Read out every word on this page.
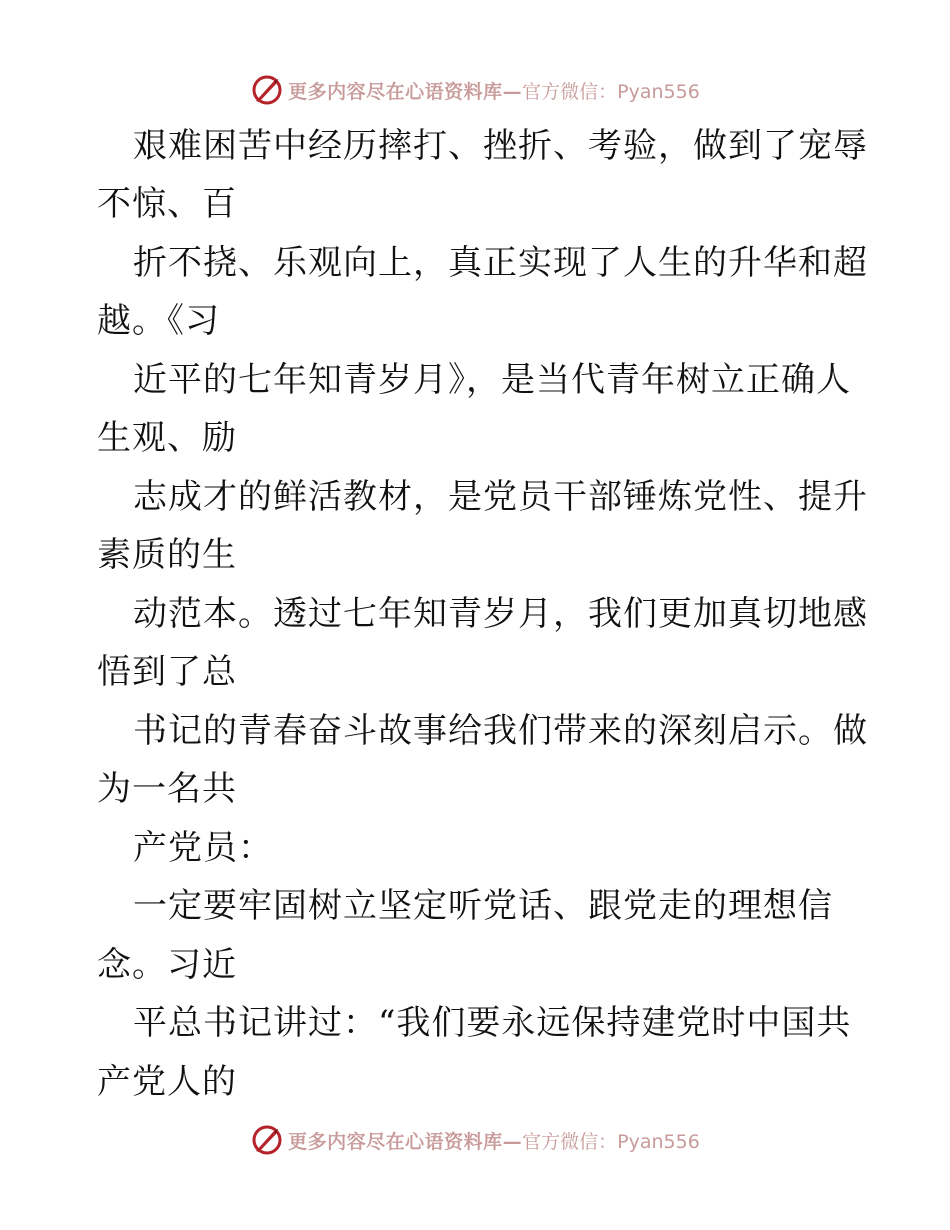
更多内容尽在心语资料库— 官方微信：Pyan556
艰难困苦中经历摔打、挫折、考验，做到了宠辱
不惊、百
折不挠、乐观向上，真正实现了人生的升华和超
越。《习
近平的七年知青岁月》，是当代青年树立正确人
生观、励
志成才的鲜活教材，是党员干部锤炼党性、提升
素质的生
动范本。透过七年知青岁月，我们更加真切地感
悟到了总
书记的青春奋斗故事给我们带来的深刻启示。做
为一名共
产党员：
一定要牢固树立坚定听党话、跟党走的理想信
念。习近
平总书记讲过：“我们要永远保持建党时中国共
产党人的
更多内容尽在心语资料库— 官方微信：Pyan556
